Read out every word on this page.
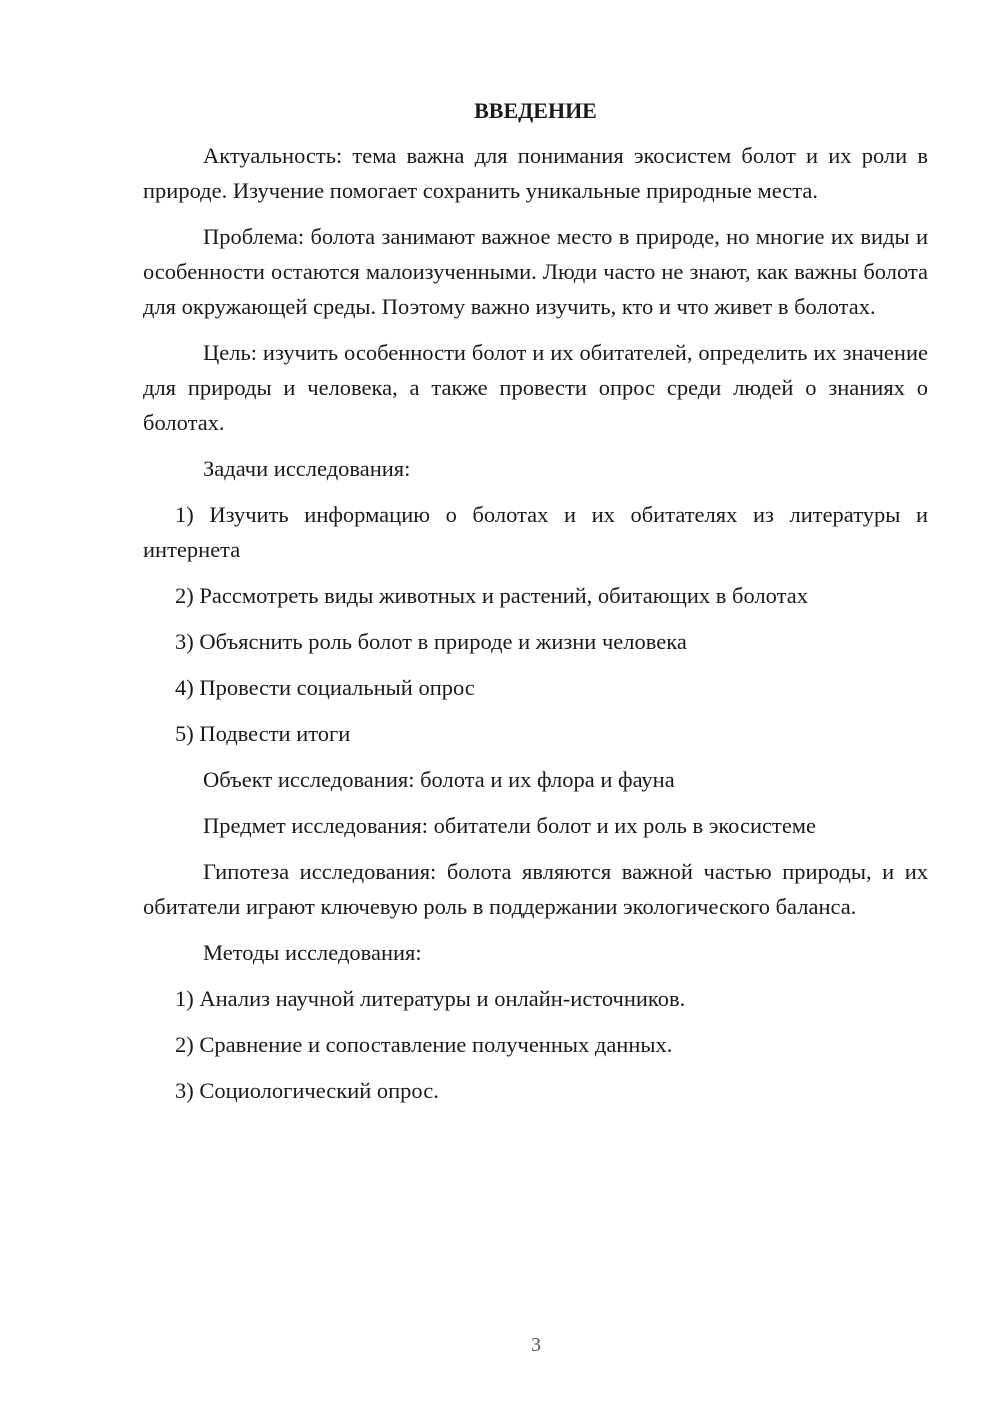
ВВЕДЕНИЕ

Актуальность: тема важна для понимания экосистем болот и их роли в природе. Изучение помогает сохранить уникальные природные места.

Проблема: болота занимают важное место в природе, но многие их виды и особенности остаются малоизученными. Люди часто не знают, как важны болота для окружающей среды. Поэтому важно изучить, кто и что живет в болотах.

Цель: изучить особенности болот и их обитателей, определить их значение для природы и человека, а также провести опрос среди людей о знаниях о болотах.

Задачи исследования:

1) Изучить информацию о болотах и их обитателях из литературы и интернета

2) Рассмотреть виды животных и растений, обитающих в болотах

3) Объяснить роль болот в природе и жизни человека

4) Провести социальный опрос

5) Подвести итоги

Объект исследования: болота и их флора и фауна

Предмет исследования: обитатели болот и их роль в экосистеме

Гипотеза исследования: болота являются важной частью природы, и их обитатели играют ключевую роль в поддержании экологического баланса.

Методы исследования:

1) Анализ научной литературы и онлайн-источников.

2) Сравнение и сопоставление полученных данных.

3) Социологический опрос.

3
